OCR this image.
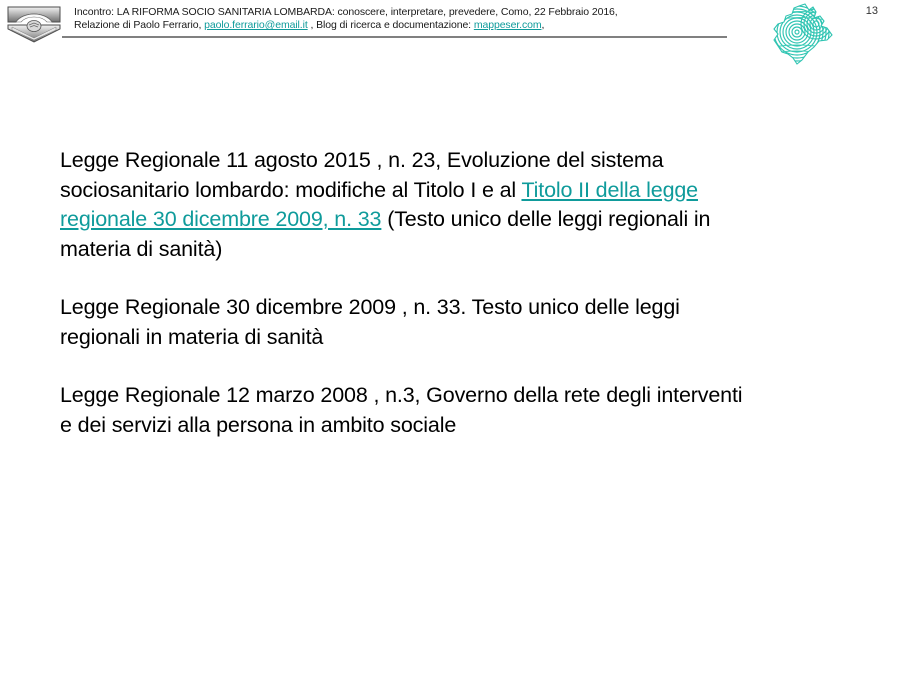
Incontro: LA RIFORMA SOCIO SANITARIA LOMBARDA: conoscere, interpretare, prevedere, Como, 22 Febbraio 2016,
Relazione di Paolo Ferrario, paolo.ferrario@email.it , Blog di ricerca e documentazione: mappeser.com,
13

Legge Regionale 11 agosto 2015 , n. 23, Evoluzione del sistema sociosanitario lombardo: modifiche al Titolo I e al Titolo II della legge regionale 30 dicembre 2009, n. 33 (Testo unico delle leggi regionali in materia di sanità)

Legge Regionale 30 dicembre 2009 , n. 33. Testo unico delle leggi regionali in materia di sanità

Legge Regionale 12 marzo 2008 , n.3, Governo della rete degli interventi e dei servizi alla persona in ambito sociale
